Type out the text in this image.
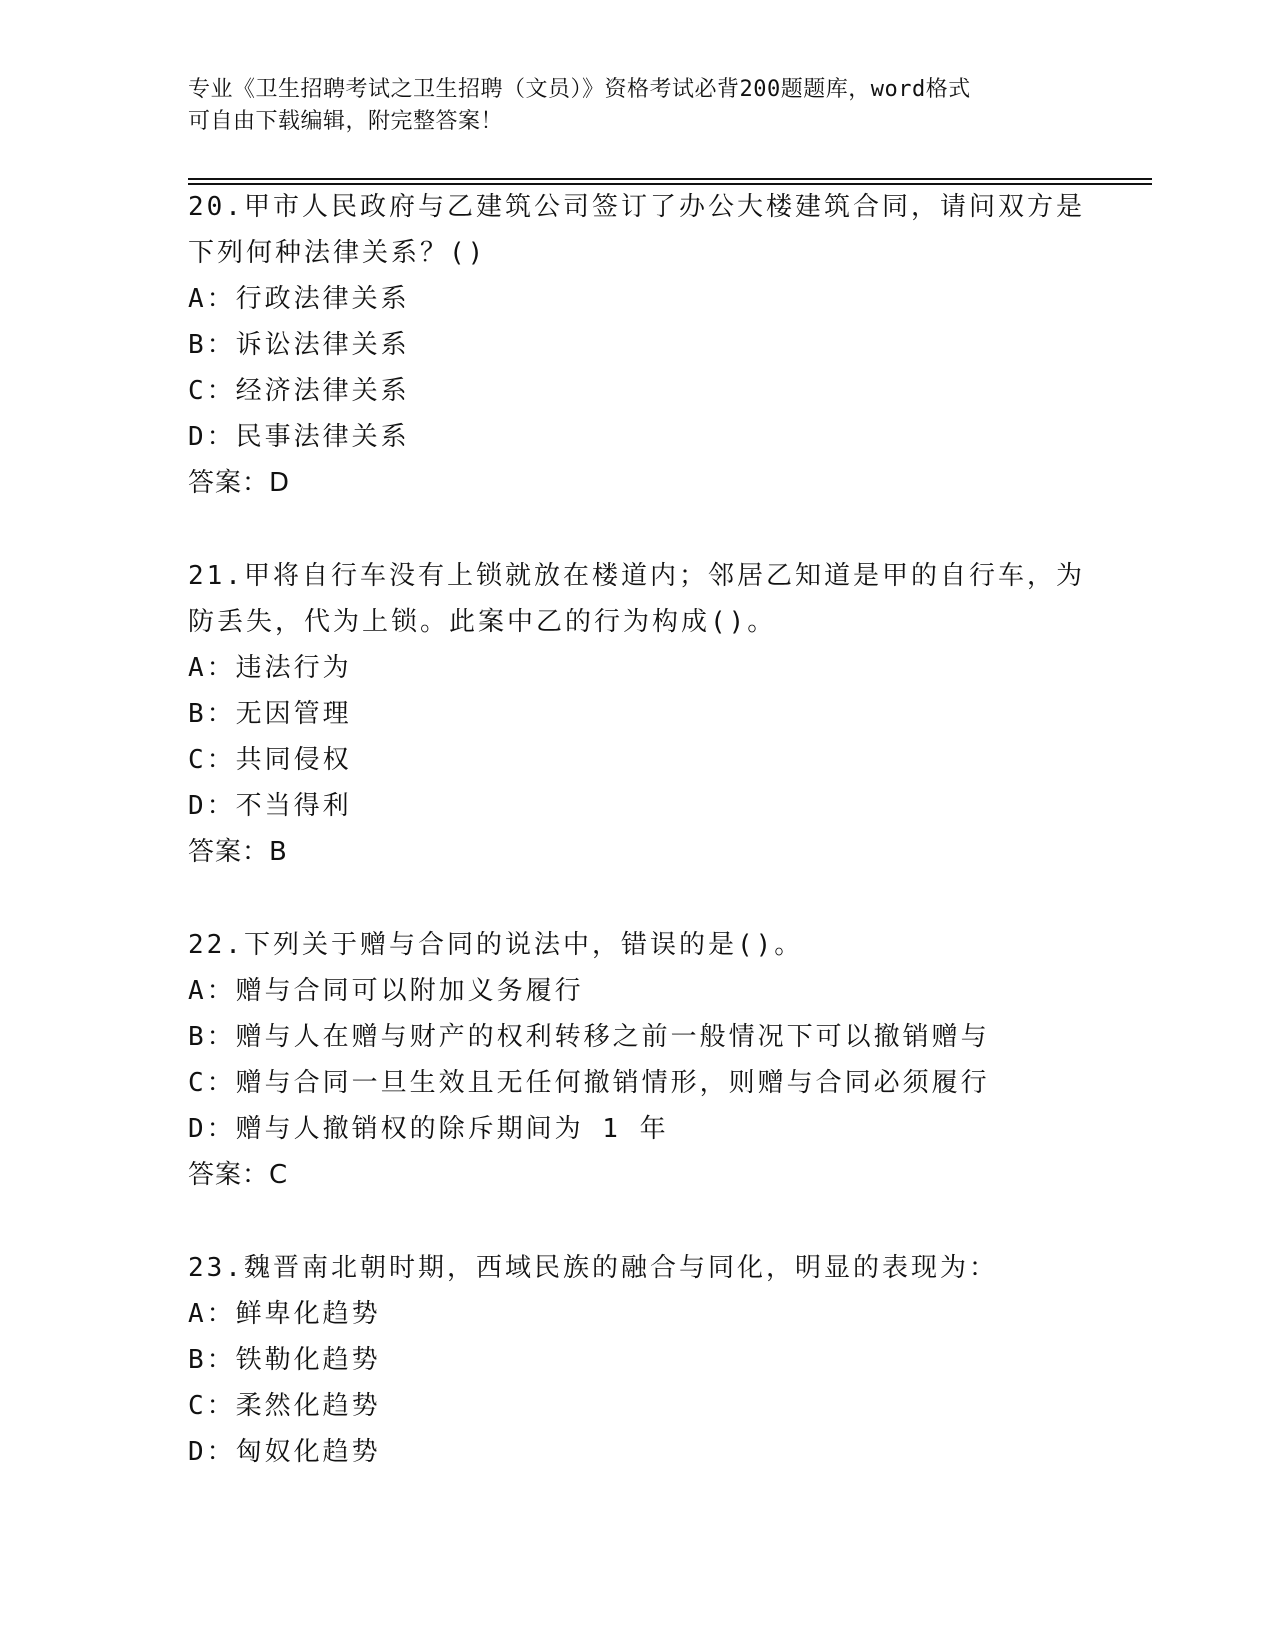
专业《卫生招聘考试之卫生招聘（文员）》资格考试必背200题题库，word格式
可自由下载编辑，附完整答案！
20.甲市人民政府与乙建筑公司签订了办公大楼建筑合同，请问双方是
下列何种法律关系？()
A：行政法律关系
B：诉讼法律关系
C：经济法律关系
D：民事法律关系
答案：D
21.甲将自行车没有上锁就放在楼道内；邻居乙知道是甲的自行车，为
防丢失，代为上锁。此案中乙的行为构成()。
A：违法行为
B：无因管理
C：共同侵权
D：不当得利
答案：B
22.下列关于赠与合同的说法中，错误的是()。
A：赠与合同可以附加义务履行
B：赠与人在赠与财产的权利转移之前一般情况下可以撤销赠与
C：赠与合同一旦生效且无任何撤销情形，则赠与合同必须履行
D：赠与人撤销权的除斥期间为 1 年
答案：C
23.魏晋南北朝时期，西域民族的融合与同化，明显的表现为：
A：鲜卑化趋势
B：铁勒化趋势
C：柔然化趋势
D：匈奴化趋势
